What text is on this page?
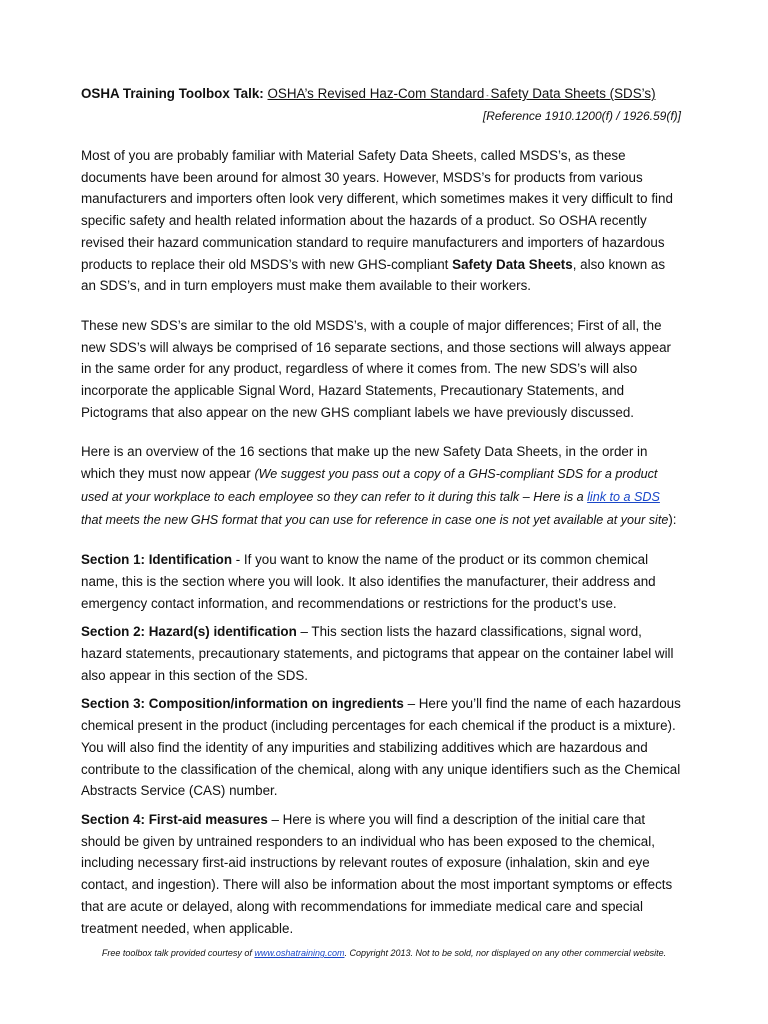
OSHA Training Toolbox Talk: OSHA’s Revised Haz-Com Standard - Safety Data Sheets (SDS’s)
[Reference 1910.1200(f) / 1926.59(f)]

Most of you are probably familiar with Material Safety Data Sheets, called MSDS’s, as these documents have been around for almost 30 years. However, MSDS’s for products from various manufacturers and importers often look very different, which sometimes makes it very difficult to find specific safety and health related information about the hazards of a product. So OSHA recently revised their hazard communication standard to require manufacturers and importers of hazardous products to replace their old MSDS’s with new GHS-compliant Safety Data Sheets, also known as an SDS’s, and in turn employers must make them available to their workers.

These new SDS’s are similar to the old MSDS’s, with a couple of major differences; First of all, the new SDS’s will always be comprised of 16 separate sections, and those sections will always appear in the same order for any product, regardless of where it comes from. The new SDS’s will also incorporate the applicable Signal Word, Hazard Statements, Precautionary Statements, and Pictograms that also appear on the new GHS compliant labels we have previously discussed.

Here is an overview of the 16 sections that make up the new Safety Data Sheets, in the order in which they must now appear (We suggest you pass out a copy of a GHS-compliant SDS for a product used at your workplace to each employee so they can refer to it during this talk – Here is a link to a SDS that meets the new GHS format that you can use for reference in case one is not yet available at your site):

Section 1: Identification - If you want to know the name of the product or its common chemical name, this is the section where you will look. It also identifies the manufacturer, their address and emergency contact information, and recommendations or restrictions for the product’s use.

Section 2: Hazard(s) identification – This section lists the hazard classifications, signal word, hazard statements, precautionary statements, and pictograms that appear on the container label will also appear in this section of the SDS.

Section 3: Composition/information on ingredients – Here you’ll find the name of each hazardous chemical present in the product (including percentages for each chemical if the product is a mixture). You will also find the identity of any impurities and stabilizing additives which are hazardous and contribute to the classification of the chemical, along with any unique identifiers such as the Chemical Abstracts Service (CAS) number.

Section 4: First-aid measures – Here is where you will find a description of the initial care that should be given by untrained responders to an individual who has been exposed to the chemical, including necessary first-aid instructions by relevant routes of exposure (inhalation, skin and eye contact, and ingestion). There will also be information about the most important symptoms or effects that are acute or delayed, along with recommendations for immediate medical care and special treatment needed, when applicable.

Free toolbox talk provided courtesy of www.oshatraining.com. Copyright 2013. Not to be sold, nor displayed on any other commercial website.
